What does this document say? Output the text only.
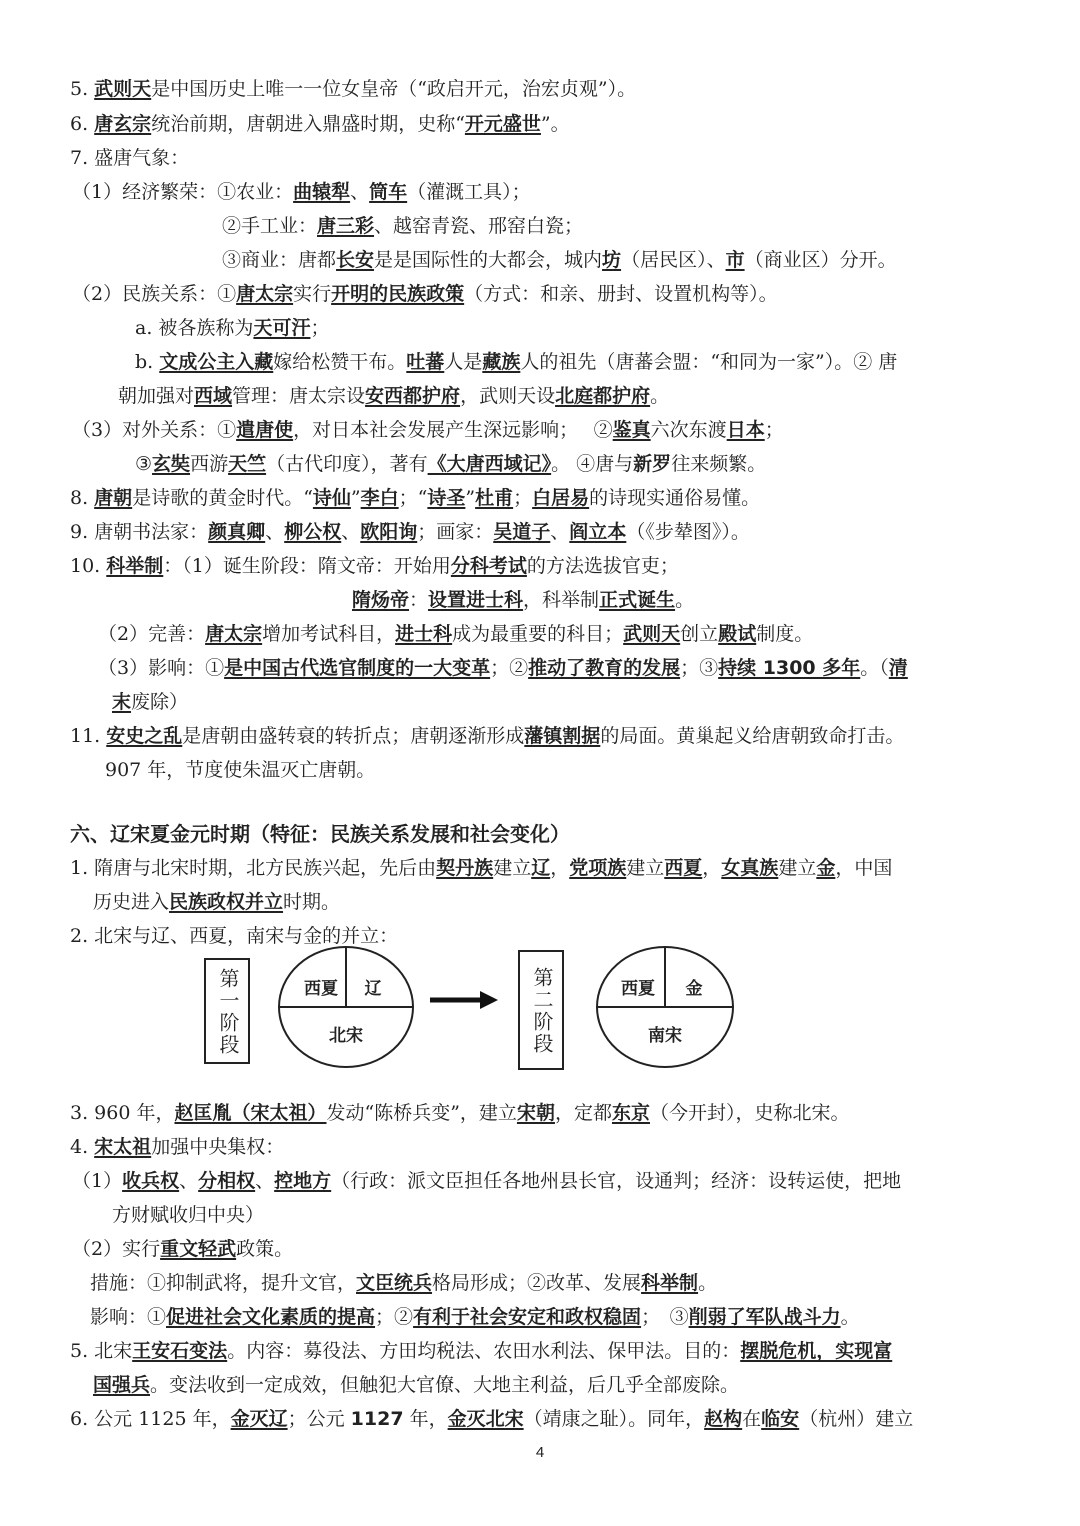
5. 武则天是中国历史上唯一一位女皇帝（“政启开元，治宏贞观”）。
6. 唐玄宗统治前期，唐朝进入鼎盛时期，史称“开元盛世”。
7. 盛唐气象：
（1）经济繁荣：①农业：曲辕犁、筒车（灌溉工具）；
②手工业：唐三彩、越窑青瓷、邢窑白瓷；
③商业：唐都长安是是国际性的大都会，城内坊（居民区）、市（商业区）分开。
（2）民族关系：①唐太宗实行开明的民族政策（方式：和亲、册封、设置机构等）。
a. 被各族称为天可汗；
b. 文成公主入藏嫁给松赞干布。吐蕃人是藏族人的祖先（唐蕃会盟：“和同为一家”）。② 唐
朝加强对西域管理：唐太宗设安西都护府，武则天设北庭都护府。
（3）对外关系：①遣唐使，对日本社会发展产生深远影响；　 ②鉴真六次东渡日本；
③玄奘西游天竺（古代印度），著有《大唐西域记》。 ④唐与新罗往来频繁。
8. 唐朝是诗歌的黄金时代。“诗仙”李白；“诗圣”杜甫；白居易的诗现实通俗易懂。
9. 唐朝书法家：颜真卿、柳公权、欧阳询；画家：吴道子、阎立本（《步辇图》）。
10. 科举制：（1）诞生阶段：隋文帝：开始用分科考试的方法选拔官吏；
隋炀帝：设置进士科，科举制正式诞生。
（2）完善：唐太宗增加考试科目，进士科成为最重要的科目；武则天创立殿试制度。
（3）影响：①是中国古代选官制度的一大变革；②推动了教育的发展；③持续 1300 多年。（清
末废除）
11. 安史之乱是唐朝由盛转衰的转折点；唐朝逐渐形成藩镇割据的局面。黄巢起义给唐朝致命打击。
907 年，节度使朱温灭亡唐朝。
六、辽宋夏金元时期（特征：民族关系发展和社会变化）
1. 隋唐与北宋时期，北方民族兴起，先后由契丹族建立辽，党项族建立西夏，女真族建立金，中国
历史进入民族政权并立时期。
2. 北宋与辽、西夏，南宋与金的并立：
3. 960 年，赵匡胤（宋太祖）发动“陈桥兵变”，建立宋朝，定都东京（今开封），史称北宋。
4. 宋太祖加强中央集权：
（1）收兵权、分相权、控地方（行政：派文臣担任各地州县长官，设通判；经济：设转运使，把地
方财赋收归中央）
（2）实行重文轻武政策。
措施：①抑制武将，提升文官，文臣统兵格局形成；②改革、发展科举制。
影响：①促进社会文化素质的提高；②有利于社会安定和政权稳固；　③削弱了军队战斗力。
5. 北宋王安石变法。内容：募役法、方田均税法、农田水利法、保甲法。目的：摆脱危机，实现富
国强兵。变法收到一定成效，但触犯大官僚、大地主利益，后几乎全部废除。
6. 公元 1125 年，金灭辽；公元 1127 年，金灭北宋（靖康之耻）。同年，赵构在临安（杭州）建立
第一阶段	西夏 辽
北宋	第二阶段	西夏 金
南宋
4
